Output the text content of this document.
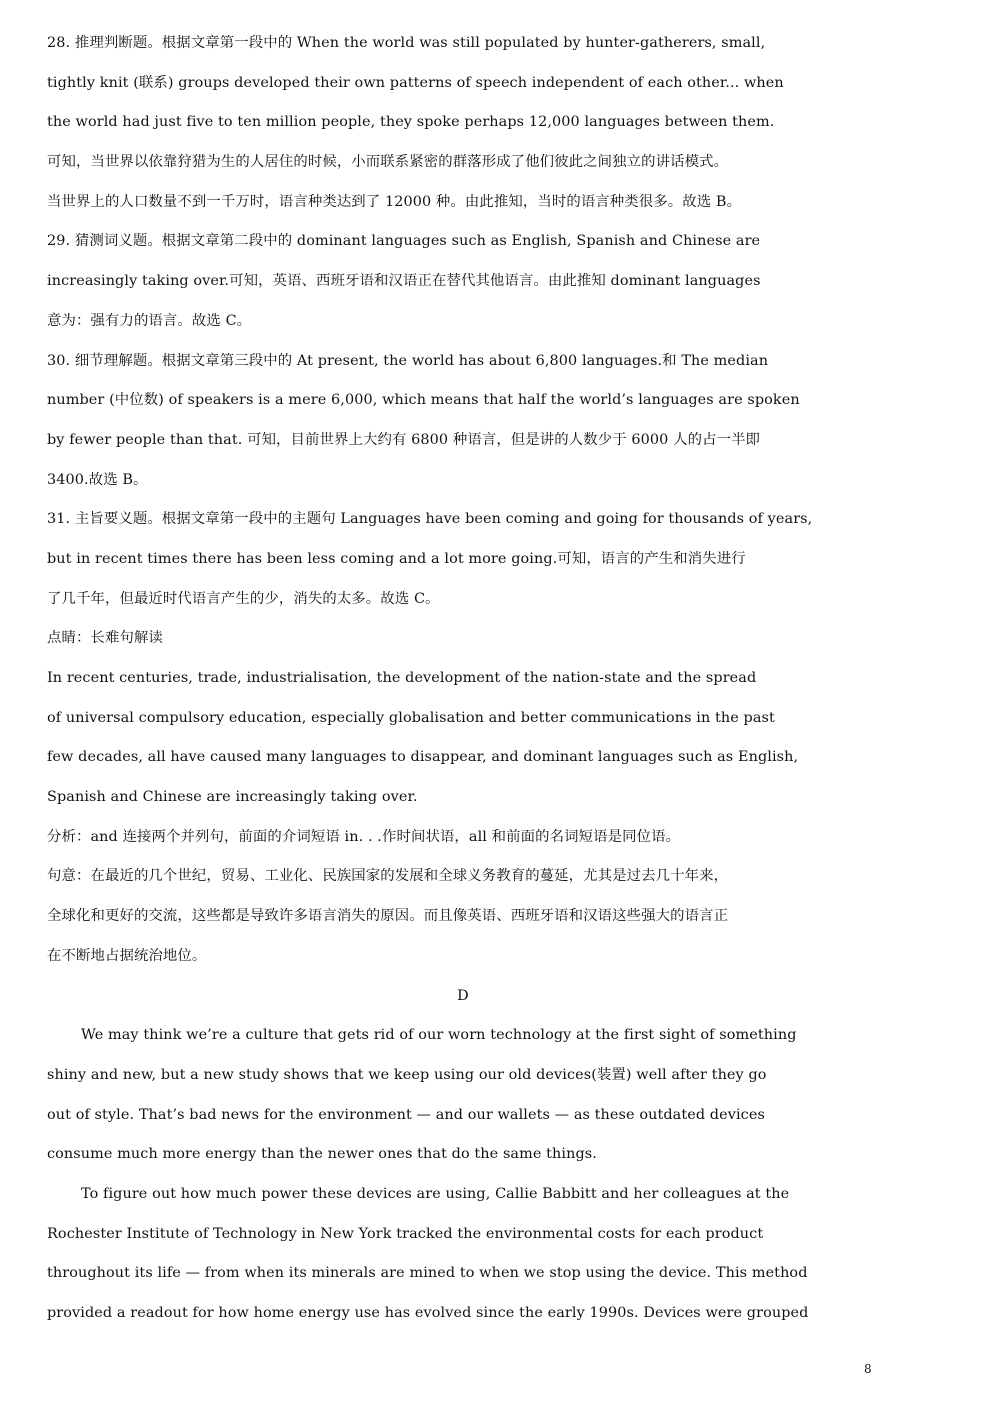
28. 推理判断题。根据文章第一段中的 When the world was still populated by hunter-gatherers, small,
tightly knit (联系) groups developed their own patterns of speech independent of each other... when
the world had just five to ten million people, they spoke perhaps 12,000 languages between them.
可知，当世界以依靠狩猎为生的人居住的时候，小而联系紧密的群落形成了他们彼此之间独立的讲话模式。
当世界上的人口数量不到一千万时，语言种类达到了 12000 种。由此推知，当时的语言种类很多。故选 B。
29. 猜测词义题。根据文章第二段中的 dominant languages such as English, Spanish and Chinese are
increasingly taking over.可知，英语、西班牙语和汉语正在替代其他语言。由此推知 dominant languages
意为：强有力的语言。故选 C。
30. 细节理解题。根据文章第三段中的 At present, the world has about 6,800 languages.和 The median
number (中位数) of speakers is a mere 6,000, which means that half the world’s languages are spoken
by fewer people than that. 可知，目前世界上大约有 6800 种语言，但是讲的人数少于 6000 人的占一半即
3400.故选 B。
31. 主旨要义题。根据文章第一段中的主题句 Languages have been coming and going for thousands of years,
but in recent times there has been less coming and a lot more going.可知，语言的产生和消失进行
了几千年，但最近时代语言产生的少，消失的太多。故选 C。
点睛：长难句解读
In recent centuries, trade, industrialisation, the development of the nation-state and the spread
of universal compulsory education, especially globalisation and better communications in the past
few decades, all have caused many languages to disappear, and dominant languages such as English,
Spanish and Chinese are increasingly taking over.
分析：and 连接两个并列句，前面的介词短语 in. . .作时间状语，all 和前面的名词短语是同位语。
句意：在最近的几个世纪，贸易、工业化、民族国家的发展和全球义务教育的蔓延，尤其是过去几十年来，
全球化和更好的交流，这些都是导致许多语言消失的原因。而且像英语、西班牙语和汉语这些强大的语言正
在不断地占据统治地位。
D
We may think we’re a culture that gets rid of our worn technology at the first sight of something
shiny and new, but a new study shows that we keep using our old devices(装置) well after they go
out of style. That’s bad news for the environment — and our wallets — as these outdated devices
consume much more energy than the newer ones that do the same things.
To figure out how much power these devices are using, Callie Babbitt and her colleagues at the
Rochester Institute of Technology in New York tracked the environmental costs for each product
throughout its life — from when its minerals are mined to when we stop using the device. This method
provided a readout for how home energy use has evolved since the early 1990s. Devices were grouped
8
